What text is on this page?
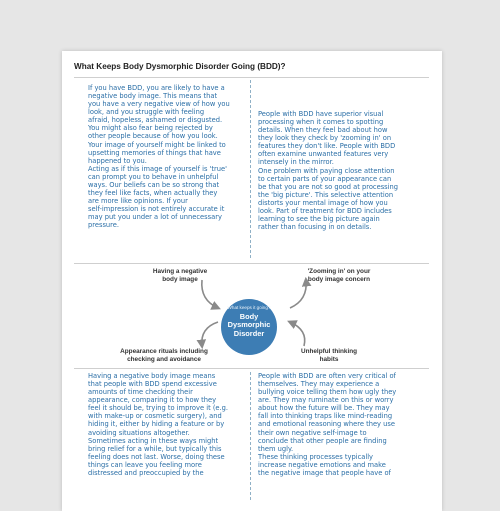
What Keeps Body Dysmorphic Disorder Going (BDD)?

If you have BDD, you are likely to have a

negative body image. This means that

you have a very negative view of how you

look, and you struggle with feeling

afraid, hopeless, ashamed or disgusted.

You might also fear being rejected by

other people because of how you look.

Your image of yourself might be linked to

upsetting memories of things that have

happened to you.

Acting as if this image of yourself is 'true'

can prompt you to behave in unhelpful

ways. Our beliefs can be so strong that

they feel like facts, when actually they

are more like opinions. If your

self-impression is not entirely accurate it

may put you under a lot of unnecessary

pressure.

People with BDD have superior visual

processing when it comes to spotting

details. When they feel bad about how

they look they check by 'zooming in' on

features they don't like. People with BDD

often examine unwanted features very

intensely in the mirror.

One problem with paying close attention

to certain parts of your appearance can

be that you are not so good at processing

the 'big picture'. This selective attention

distorts your mental image of how you

look. Part of treatment for BDD includes

learning to see the big picture again

rather than focusing in on details.

Having a negative
body image
'Zooming in' on your
body image concern
Appearance rituals including
checking and avoidance
Unhelpful thinking
habits
What keeps it going?
Body
Dysmorphic
Disorder

Having a negative body image means

that people with BDD spend excessive

amounts of time checking their

appearance, comparing it to how they

feel it should be, trying to improve it (e.g.

with make-up or cosmetic surgery), and

hiding it, either by hiding a feature or by

avoiding situations altogether.

Sometimes acting in these ways might

bring relief for a while, but typically this

feeling does not last. Worse, doing these

things can leave you feeling more

distressed and preoccupied by the

People with BDD are often very critical of

themselves. They may experience a

bullying voice telling them how ugly they

are. They may ruminate on this or worry

about how the future will be. They may

fall into thinking traps like mind-reading

and emotional reasoning where they use

their own negative self-image to

conclude that other people are finding

them ugly.

These thinking processes typically

increase negative emotions and make

the negative image that people have of
